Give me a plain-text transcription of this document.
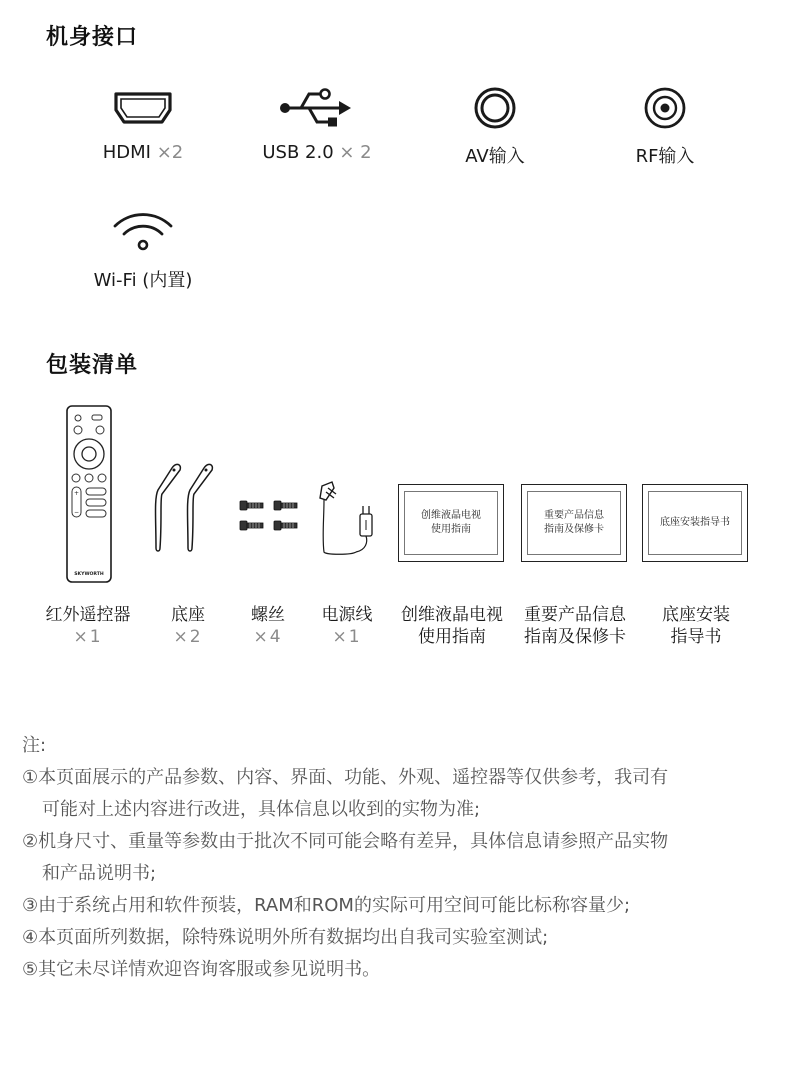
机身接口
HDMI ×2	USB 2.0 × 2	AV输入	RF输入
Wi-Fi (内置)
包装清单
+
−
SKYWORTH
创维液晶电视
使用指南
重要产品信息
指南及保修卡
底座安装指导书
红外遥控器
×1
底座
×2
螺丝
×4
电源线
×1
创维液晶电视
使用指南
重要产品信息
指南及保修卡
底座安装
指导书
注:
①本页面展示的产品参数、内容、界面、功能、外观、遥控器等仅供参考，我司有
可能对上述内容进行改进，具体信息以收到的实物为准;
②机身尺寸、重量等参数由于批次不同可能会略有差异，具体信息请参照产品实物
和产品说明书;
③由于系统占用和软件预装，RAM和ROM的实际可用空间可能比标称容量少;
④本页面所列数据，除特殊说明外所有数据均出自我司实验室测试;
⑤其它未尽详情欢迎咨询客服或参见说明书。
